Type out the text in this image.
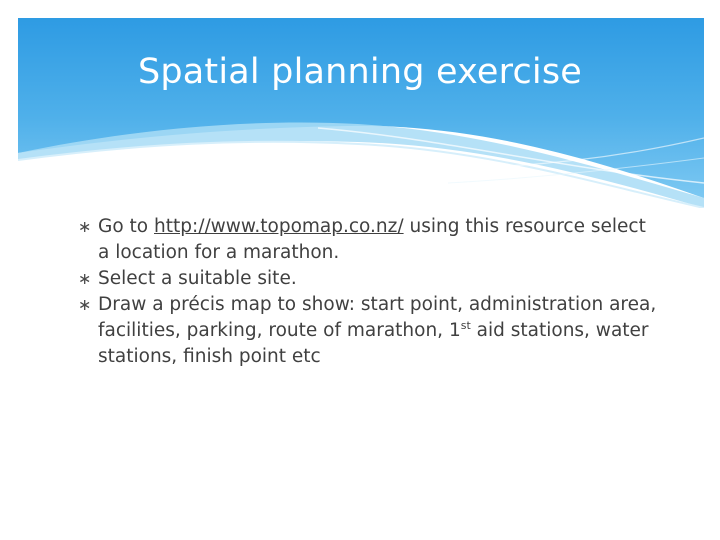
Spatial planning exercise

∗ Go to http://www.topomap.co.nz/ using this resource select a location for a marathon.

∗ Select a suitable site.

∗ Draw a précis map to show: start point, administration area, facilities, parking, route of marathon, 1st aid stations, water stations, finish point etc
